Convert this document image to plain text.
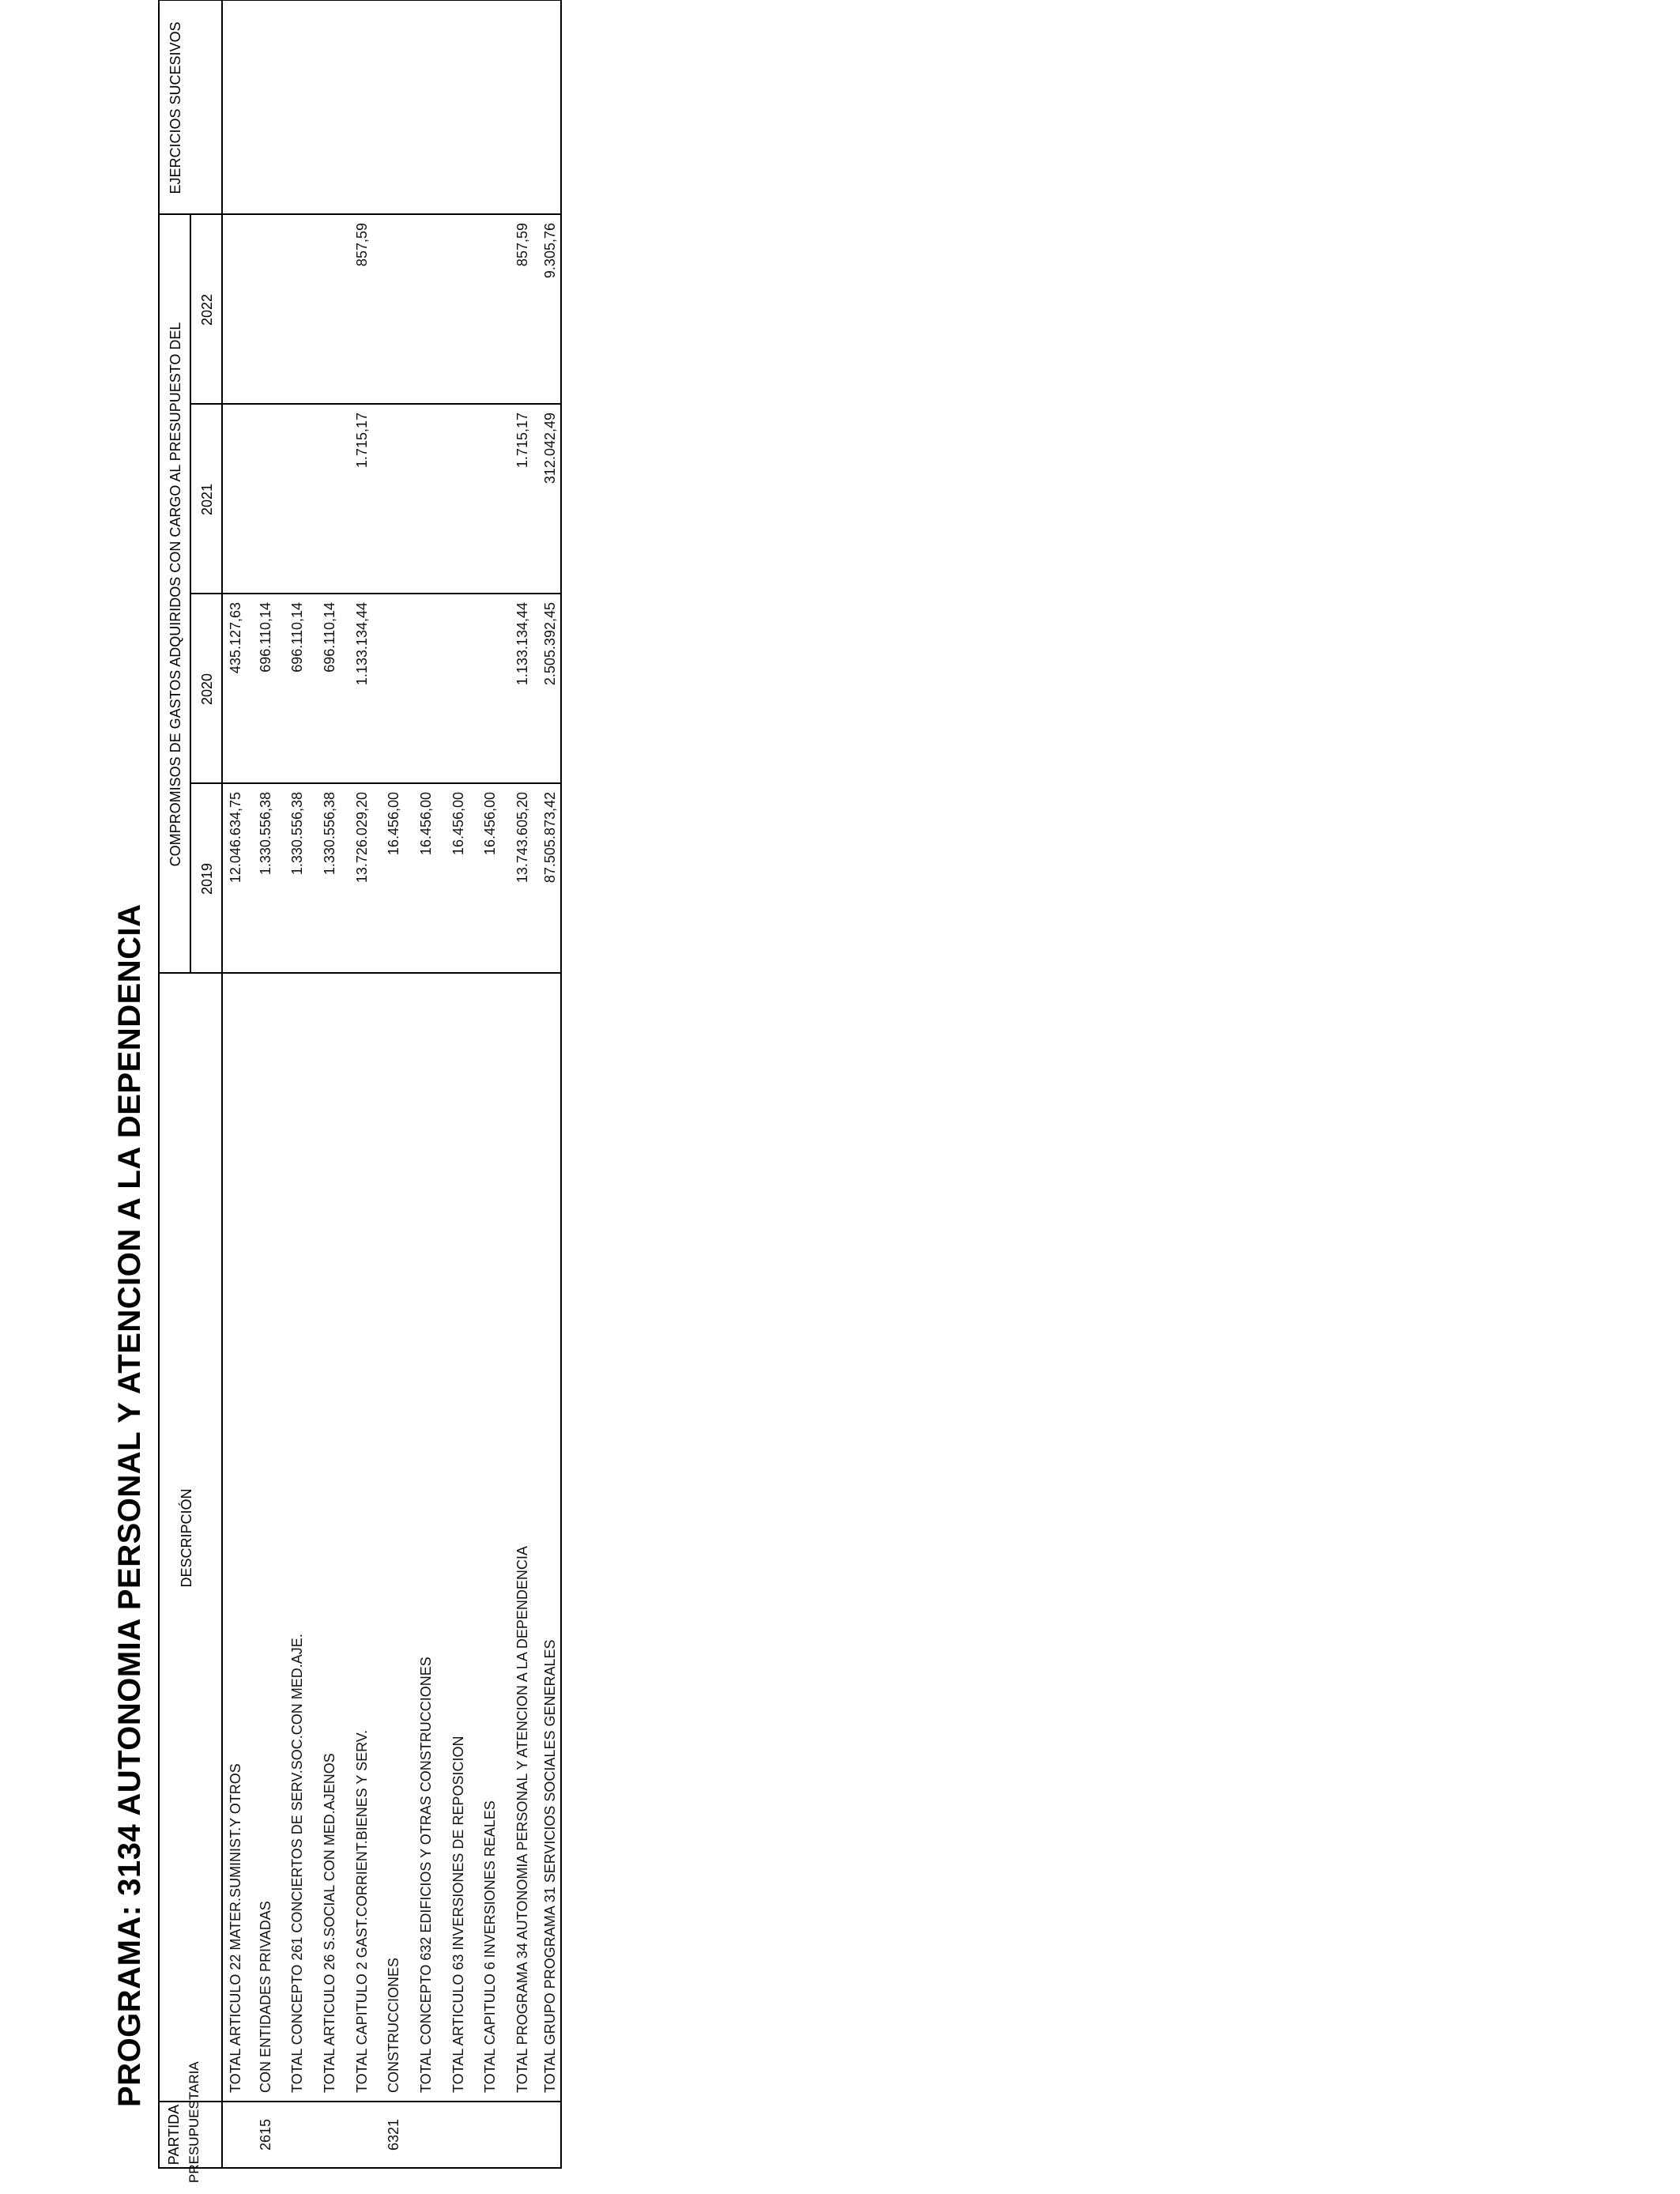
PROGRAMA: 3134 AUTONOMIA PERSONAL Y ATENCION A LA DEPENDENCIA
PARTIDA PRESUPUESTARIA
DESCRIPCIÓN
COMPROMISOS DE GASTOS ADQUIRIDOS CON CARGO AL PRESUPUESTO DEL
2019
2020
2021
2022
EJERCICIOS SUCESIVOS
TOTAL ARTICULO 22 MATER.SUMINIST.Y OTROS
12.046.634,75
435.127,63
2615
CON ENTIDADES PRIVADAS
1.330.556,38
696.110,14
TOTAL CONCEPTO 261 CONCIERTOS DE SERV.SOC.CON MED.AJE.
1.330.556,38
696.110,14
TOTAL ARTICULO 26 S.SOCIAL CON MED.AJENOS
1.330.556,38
696.110,14
TOTAL CAPITULO 2 GAST.CORRIENT.BIENES Y SERV.
13.726.029,20
1.133.134,44
1.715,17
857,59
6321
CONSTRUCCIONES
16.456,00
TOTAL CONCEPTO 632 EDIFICIOS Y OTRAS CONSTRUCCIONES
16.456,00
TOTAL ARTICULO 63 INVERSIONES DE REPOSICION
16.456,00
TOTAL CAPITULO 6 INVERSIONES REALES
16.456,00
TOTAL PROGRAMA 34 AUTONOMIA PERSONAL Y ATENCION A LA DEPENDENCIA
13.743.605,20
1.133.134,44
1.715,17
857,59
TOTAL GRUPO PROGRAMA 31 SERVICIOS SOCIALES GENERALES
87.505.873,42
2.505.392,45
312.042,49
9.305,76
